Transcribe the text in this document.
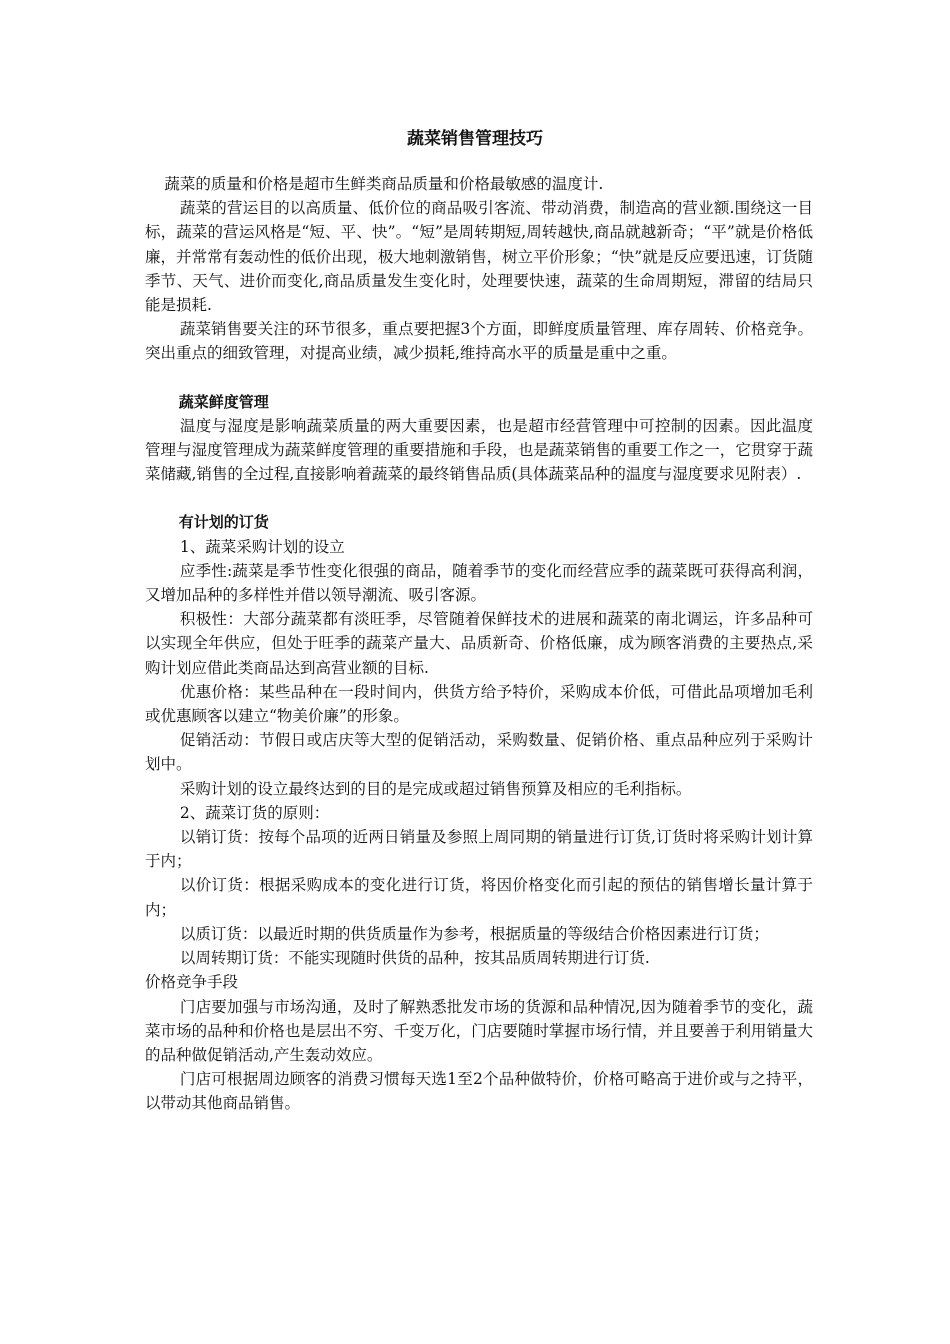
蔬菜销售管理技巧

蔬菜的质量和价格是超市生鲜类商品质量和价格最敏感的温度计.

蔬菜的营运目的以高质量、低价位的商品吸引客流、带动消费，制造高的营业额.围绕这一目标，蔬菜的营运风格是“短、平、快”。“短”是周转期短,周转越快,商品就越新奇；“平”就是价格低廉，并常常有轰动性的低价出现，极大地刺激销售，树立平价形象；“快”就是反应要迅速，订货随季节、天气、进价而变化,商品质量发生变化时，处理要快速，蔬菜的生命周期短，滞留的结局只能是损耗.

蔬菜销售要关注的环节很多，重点要把握3个方面，即鲜度质量管理、库存周转、价格竞争。突出重点的细致管理，对提高业绩，减少损耗,维持高水平的质量是重中之重。

蔬菜鲜度管理

温度与湿度是影响蔬菜质量的两大重要因素，也是超市经营管理中可控制的因素。因此温度管理与湿度管理成为蔬菜鲜度管理的重要措施和手段，也是蔬菜销售的重要工作之一，它贯穿于蔬菜储藏,销售的全过程,直接影响着蔬菜的最终销售品质(具体蔬菜品种的温度与湿度要求见附表）.

有计划的订货

1、蔬菜采购计划的设立

应季性:蔬菜是季节性变化很强的商品，随着季节的变化而经营应季的蔬菜既可获得高利润，又增加品种的多样性并借以领导潮流、吸引客源。

积极性：大部分蔬菜都有淡旺季，尽管随着保鲜技术的进展和蔬菜的南北调运，许多品种可以实现全年供应，但处于旺季的蔬菜产量大、品质新奇、价格低廉，成为顾客消费的主要热点,采购计划应借此类商品达到高营业额的目标.

优惠价格：某些品种在一段时间内，供货方给予特价，采购成本价低，可借此品项增加毛利或优惠顾客以建立“物美价廉”的形象。

促销活动：节假日或店庆等大型的促销活动，采购数量、促销价格、重点品种应列于采购计划中。

采购计划的设立最终达到的目的是完成或超过销售预算及相应的毛利指标。

2、蔬菜订货的原则：

以销订货：按每个品项的近两日销量及参照上周同期的销量进行订货,订货时将采购计划计算于内；

以价订货：根据采购成本的变化进行订货，将因价格变化而引起的预估的销售增长量计算于内；

以质订货：以最近时期的供货质量作为参考，根据质量的等级结合价格因素进行订货；

以周转期订货：不能实现随时供货的品种，按其品质周转期进行订货.

价格竞争手段

门店要加强与市场沟通，及时了解熟悉批发市场的货源和品种情况,因为随着季节的变化，蔬菜市场的品种和价格也是层出不穷、千变万化，门店要随时掌握市场行情，并且要善于利用销量大的品种做促销活动,产生轰动效应。

门店可根据周边顾客的消费习惯每天选1至2个品种做特价，价格可略高于进价或与之持平，以带动其他商品销售。
